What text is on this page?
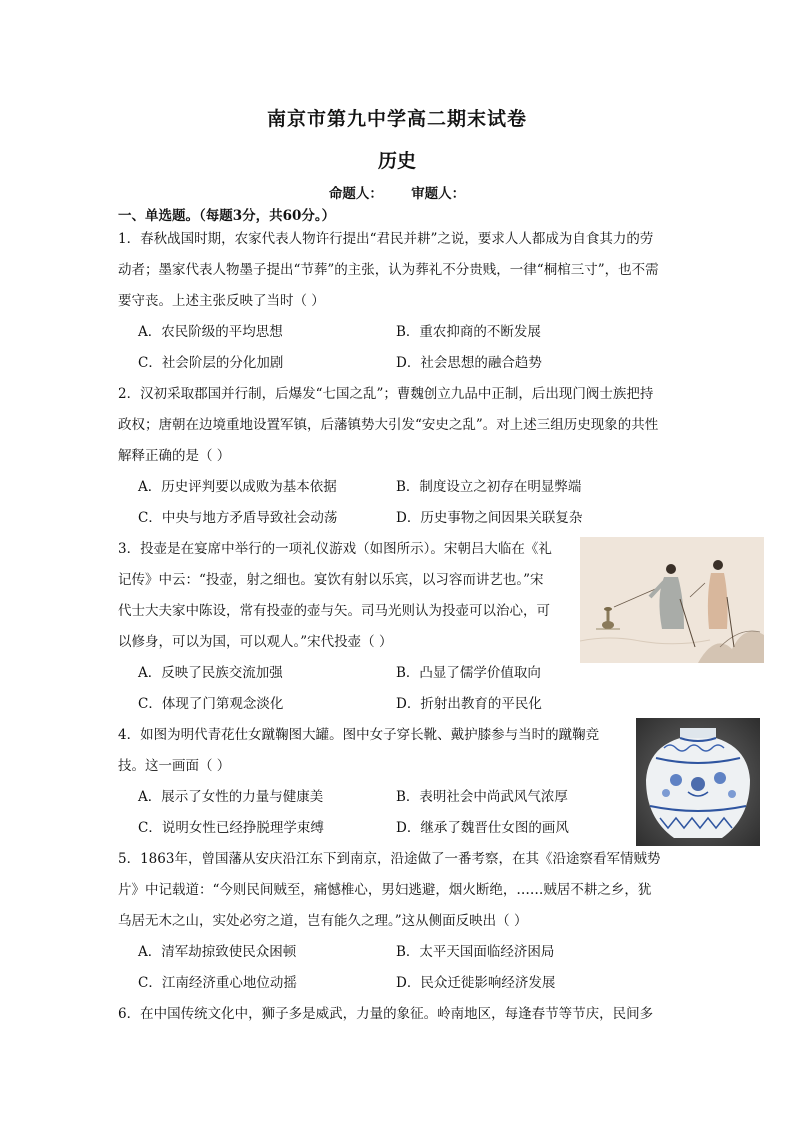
南京市第九中学高二期末试卷
历史
命题人： 审题人：
一、单选题。（每题3分，共60分。）
1．春秋战国时期，农家代表人物许行提出“君民并耕”之说，要求人人都成为自食其力的劳
动者；墨家代表人物墨子提出“节葬”的主张，认为葬礼不分贵贱，一律“桐棺三寸”，也不需
要守丧。上述主张反映了当时（ ）
A．农民阶级的平均思想	B．重农抑商的不断发展
C．社会阶层的分化加剧	D．社会思想的融合趋势
2．汉初采取郡国并行制，后爆发“七国之乱”；曹魏创立九品中正制，后出现门阀士族把持
政权；唐朝在边境重地设置军镇，后藩镇势大引发“安史之乱”。对上述三组历史现象的共性
解释正确的是（ ）
A．历史评判要以成败为基本依据	B．制度设立之初存在明显弊端
C．中央与地方矛盾导致社会动荡	D．历史事物之间因果关联复杂
3．投壶是在宴席中举行的一项礼仪游戏（如图所示）。宋朝吕大临在《礼
记传》中云：“投壶，射之细也。宴饮有射以乐宾，以习容而讲艺也。”宋
代士大夫家中陈设，常有投壶的壶与矢。司马光则认为投壶可以治心，可
以修身，可以为国，可以观人。”宋代投壶（ ）
A．反映了民族交流加强	B．凸显了儒学价值取向
C．体现了门第观念淡化	D．折射出教育的平民化
4．如图为明代青花仕女蹴鞠图大罐。图中女子穿长靴、戴护膝参与当时的蹴鞠竞
技。这一画面（ ）
A．展示了女性的力量与健康美	B．表明社会中尚武风气浓厚
C．说明女性已经挣脱理学束缚	D．继承了魏晋仕女图的画风
5．1863年，曾国藩从安庆沿江东下到南京，沿途做了一番考察，在其《沿途察看军情贼势
片》中记载道：“今则民间贼至，痛憾椎心，男妇逃避，烟火断绝，……贼居不耕之乡，犹
乌居无木之山，实处必穷之道，岂有能久之理。”这从侧面反映出（ ）
A．清军劫掠致使民众困顿	B．太平天国面临经济困局
C．江南经济重心地位动摇	D．民众迁徙影响经济发展
6．在中国传统文化中，狮子多是威武，力量的象征。岭南地区，每逢春节等节庆，民间多
